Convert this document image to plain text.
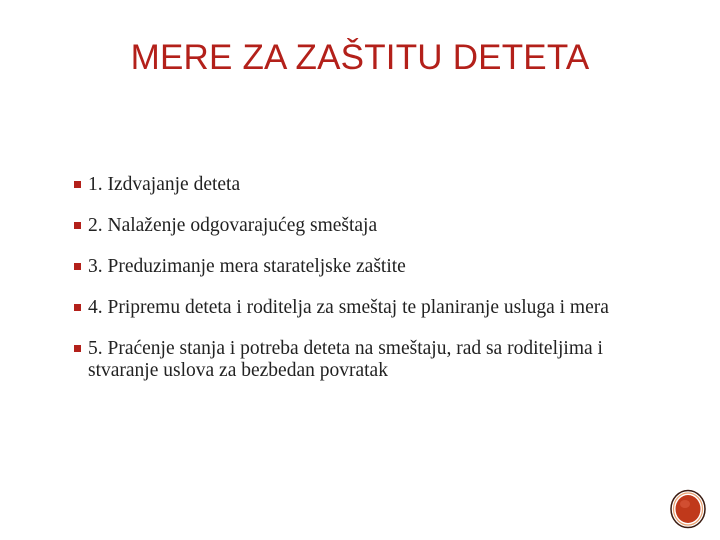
MERE ZA ZAŠTITU DETETA
1. Izdvajanje deteta
2. Nalaženje odgovarajućeg smeštaja
3. Preduzimanje mera starateljske zaštite
4. Pripremu deteta i roditelja za smeštaj te planiranje usluga i mera
5. Praćenje stanja i potreba deteta na smeštaju, rad sa roditeljima i stvaranje uslova za bezbedan povratak
